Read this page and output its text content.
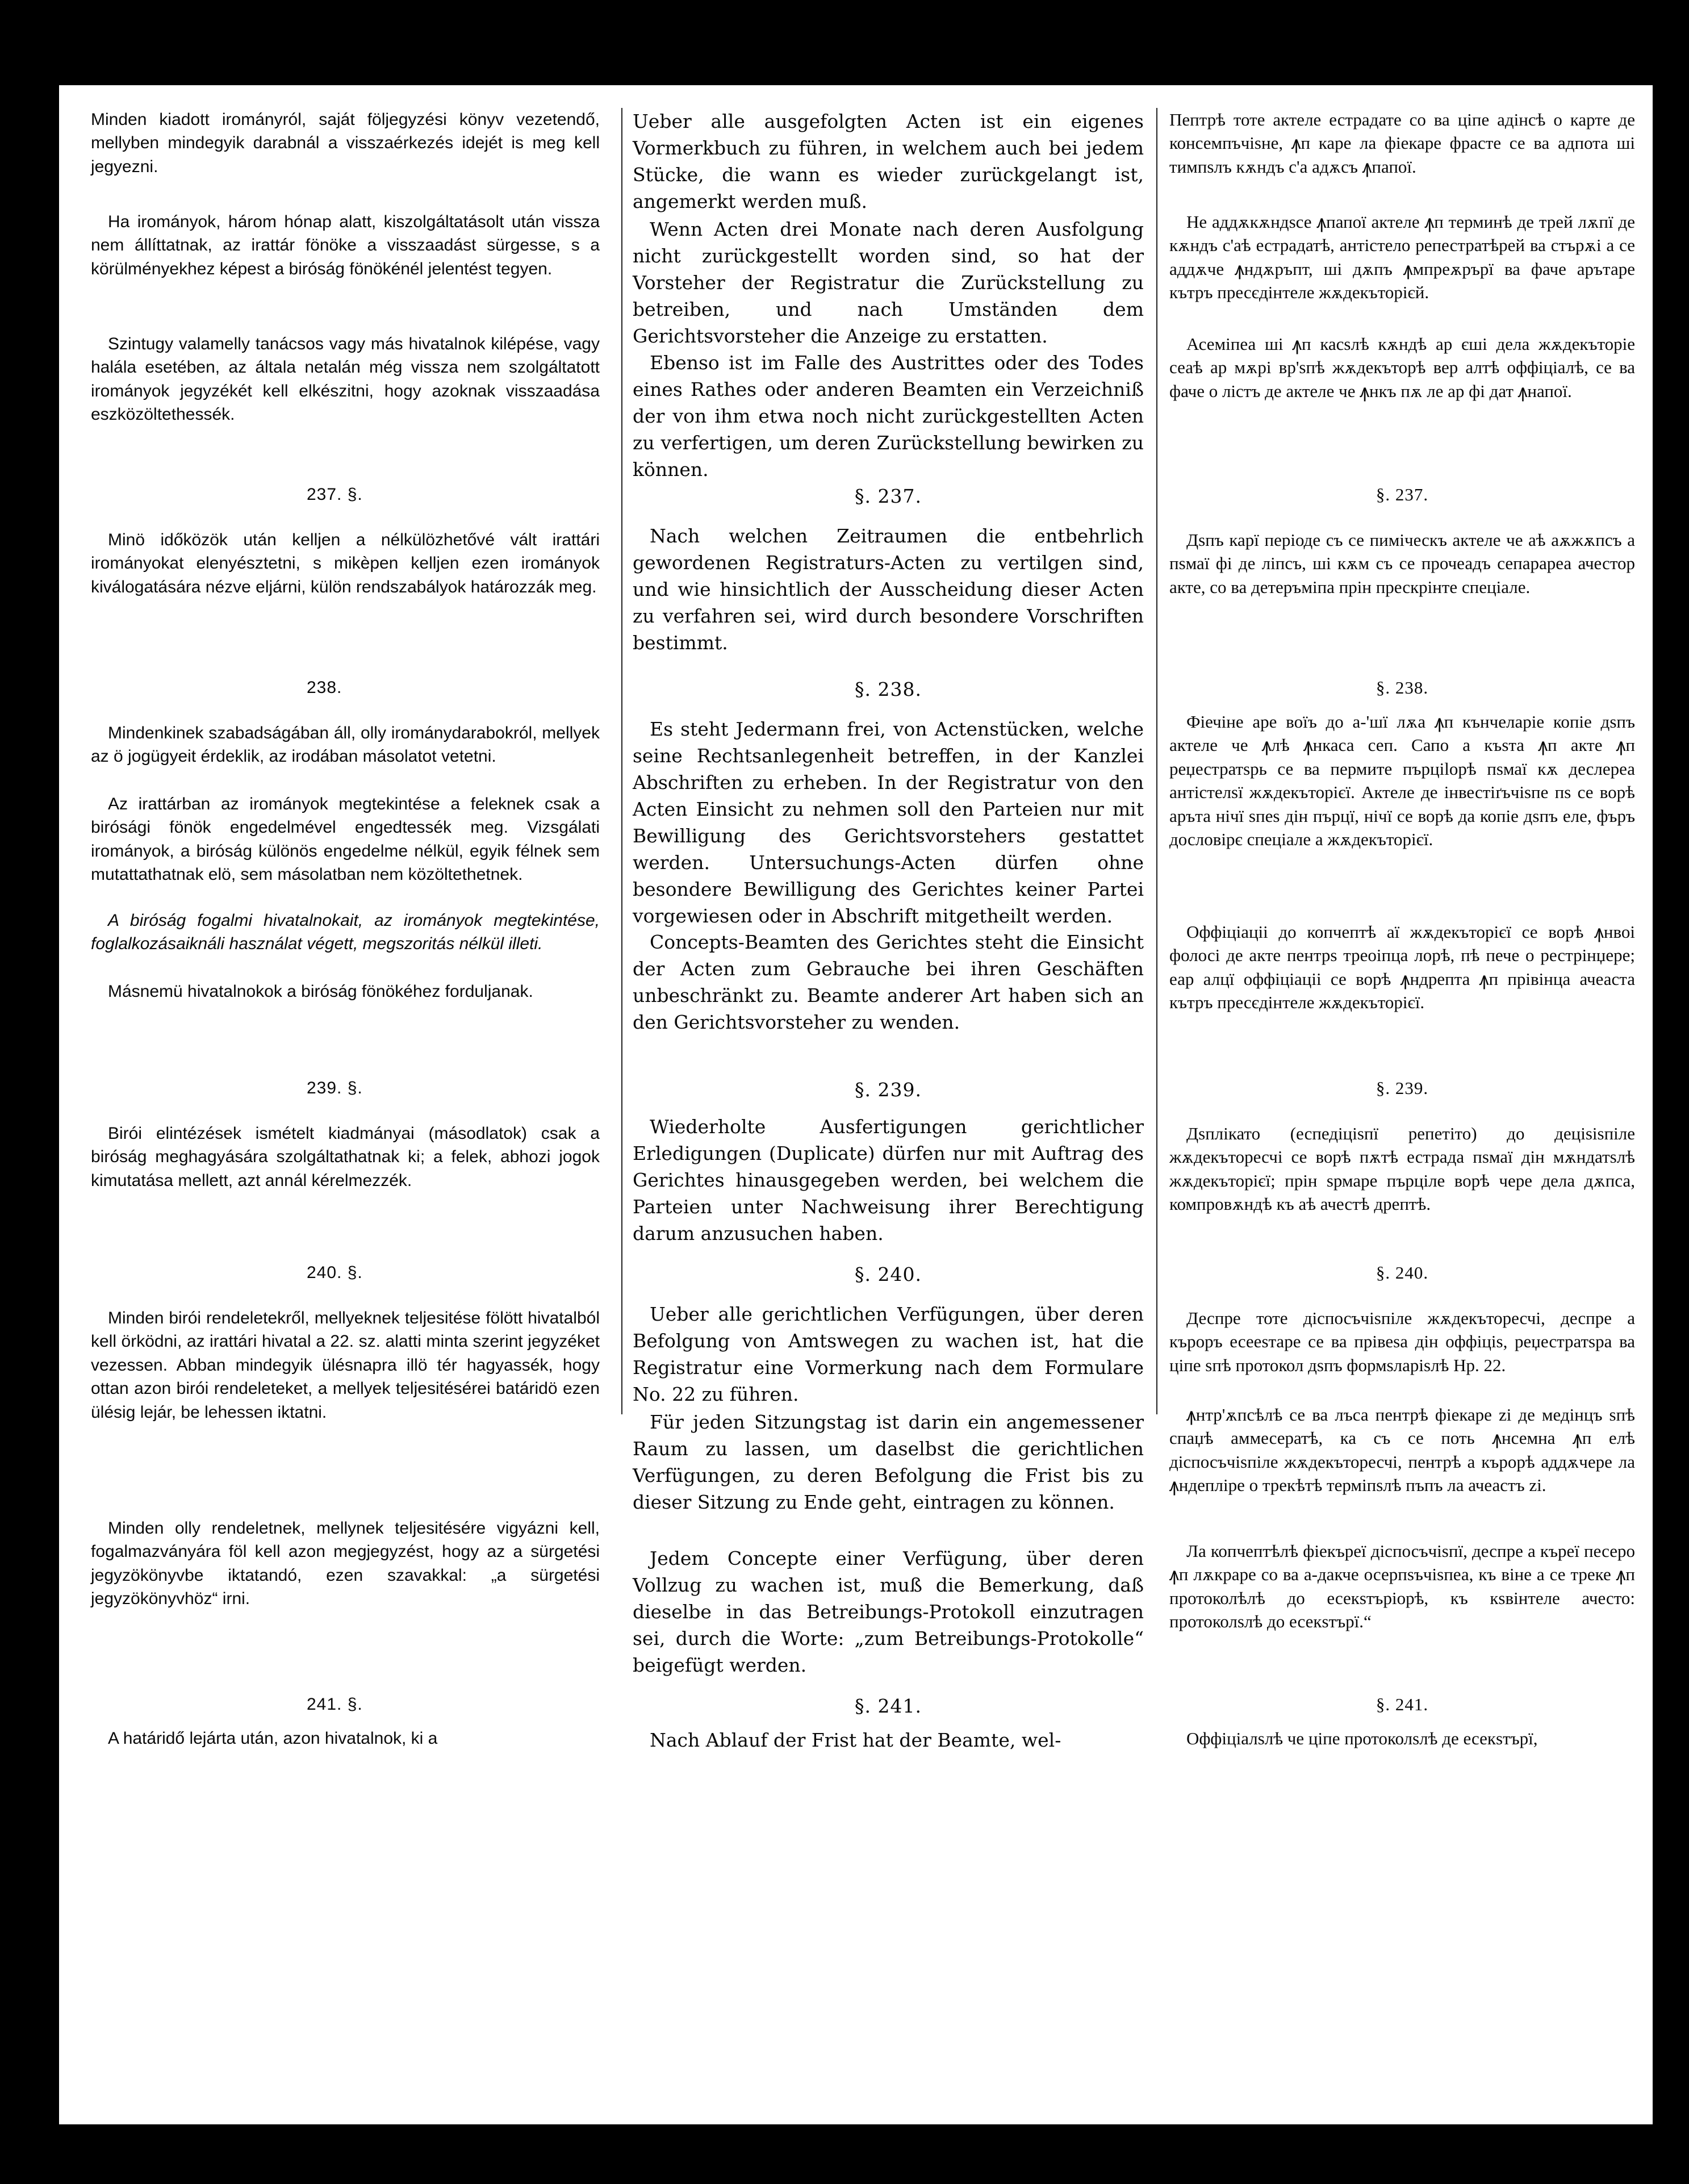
Minden kiadott irományról, saját följegyzési könyv vezetendő, mellyben mindegyik darabnál a visszaérkezés idejét is meg kell jegyezni.

Ha irományok, három hónap alatt, kiszolgáltatásolt után vissza nem állíttatnak, az irattár fönöke a visszaadást sürgesse, s a körülményekhez képest a biróság fönökénél jelentést tegyen.

Szintugy valamelly tanácsos vagy más hivatalnok kilépése, vagy halála esetében, az általa netalán még vissza nem szolgáltatott irományok jegyzékét kell elkészitni, hogy azoknak visszaadása eszközöltethessék.

237. §.

Minö időközök után kelljen a nélkülözhetővé vált irattári irományokat elenyésztetni, s mikèpen kelljen ezen irományok kiválogatására nézve eljárni, külön rendszabályok határozzák meg.

238.

Mindenkinek szabadságában áll, olly irománydarabokról, mellyek az ö jogügyeit érdeklik, az irodában másolatot vetetni.

Az irattárban az irományok megtekintése a feleknek csak a birósági fönök engedelmével engedtessék meg. Vizsgálati irományok, a biróság különös engedelme nélkül, egyik félnek sem mutattathatnak elö, sem másolatban nem közöltethetnek.

A biróság fogalmi hivatalnokait, az irományok megtekintése, foglalkozásaiknáli használat végett, megszoritás nélkül illeti.

Másnemü hivatalnokok a biróság fönökéhez forduljanak.

239. §.

Birói elintézések ismételt kiadmányai (másodlatok) csak a biróság meghagyására szolgáltathatnak ki; a felek, abhozi jogok kimutatása mellett, azt annál kérelmezzék.

240. §.

Minden birói rendeletekről, mellyeknek teljesitése fölött hivatalból kell örködni, az irattári hivatal a 22. sz. alatti minta szerint jegyzéket vezessen. Abban mindegyik ülésnapra illö tér hagyassék, hogy ottan azon birói rendeleteket, a mellyek teljesitésérei batáridö ezen ülésig lejár, be lehessen iktatni.

Minden olly rendeletnek, mellynek teljesitésére vigyázni kell, fogalmazványára föl kell azon megjegyzést, hogy az a sürgetési jegyzökönyvbe iktatandó, ezen szavakkal: „a sürgetési jegyzökönyvhöz“ irni.

241. §.

A határidő lejárta után, azon hivatalnok, ki a

Ueber alle ausgefolgten Acten ist ein eigenes Vormerkbuch zu führen, in welchem auch bei jedem Stücke, die wann es wieder zurückgelangt ist, angemerkt werden muß.

Wenn Acten drei Monate nach deren Ausfolgung nicht zurückgestellt worden sind, so hat der Vorsteher der Registratur die Zurückstellung zu betreiben, und nach Umständen dem Gerichtsvorsteher die Anzeige zu erstatten.

Ebenso ist im Falle des Austrittes oder des Todes eines Rathes oder anderen Beamten ein Verzeichniß der von ihm etwa noch nicht zurückgestellten Acten zu verfertigen, um deren Zurückstellung bewirken zu können.

§. 237.

Nach welchen Zeitraumen die entbehrlich gewordenen Registraturs-Acten zu vertilgen sind, und wie hinsichtlich der Ausscheidung dieser Acten zu verfahren sei, wird durch besondere Vorschriften bestimmt.

§. 238.

Es steht Jedermann frei, von Actenstücken, welche seine Rechtsanlegenheit betreffen, in der Kanzlei Abschriften zu erheben. In der Registratur von den Acten Einsicht zu nehmen soll den Parteien nur mit Bewilligung des Gerichtsvorstehers gestattet werden. Untersuchungs-Acten dürfen ohne besondere Bewilligung des Gerichtes keiner Partei vorgewiesen oder in Abschrift mitgetheilt werden.

Concepts-Beamten des Gerichtes steht die Einsicht der Acten zum Gebrauche bei ihren Geschäften unbeschränkt zu. Beamte anderer Art haben sich an den Gerichtsvorsteher zu wenden.

§. 239.

Wiederholte Ausfertigungen gerichtlicher Erledigungen (Duplicate) dürfen nur mit Auftrag des Gerichtes hinausgegeben werden, bei welchem die Parteien unter Nachweisung ihrer Berechtigung darum anzusuchen haben.

§. 240.

Ueber alle gerichtlichen Verfügungen, über deren Befolgung von Amtswegen zu wachen ist, hat die Registratur eine Vormerkung nach dem Formulare No. 22 zu führen.

Für jeden Sitzungstag ist darin ein angemessener Raum zu lassen, um daselbst die gerichtlichen Verfügungen, zu deren Befolgung die Frist bis zu dieser Sitzung zu Ende geht, eintragen zu können.

Jedem Concepte einer Verfügung, über deren Vollzug zu wachen ist, muß die Bemerkung, daß dieselbe in das Betreibungs-Protokoll einzutragen sei, durch die Worte: „zum Betreibungs-Protokolle“ beigefügt werden.

§. 241.

Nach Ablauf der Frist hat der Beamte, wel-

Пептрѣ тоте актеле естрадате со ва ціпе адінсѣ о карте де консемпъчіѕне, ꙟп каре ла фіекаре фрасте се ва адпота ші тимпѕлъ кѫндъ с'а адѫсъ ꙟпапої.

Не аддѫкѫндѕсе ꙟпапої актеле ꙟп терминѣ де трей лѫпї де кѫндъ с'аѣ естрадатѣ, антістело репестратѣрей ва стърѫі а се аддѫче ꙟндѫръпт, ші дѫпъ ꙟмпреѫрърї ва фаче арътаре кътръ пресєдінтеле жѫдекъторієй.

Асеміпеа ші ꙟп касѕлѣ кѫндѣ ар єші дела жѫдекъторіе сеаѣ ар мѫрі вр'ѕпѣ жѫдекъторѣ вер алтѣ оффіціалѣ, се ва фаче о лістъ де актеле че ꙟнкъ пѫ ле ар фі дат ꙟнапої.

§. 237.

Дѕпъ карї періоде съ се пиміческъ актеле че аѣ аѫжѫпсъ а пѕмаї фі де ліпсъ, ші кѫм съ се прочеадъ сепарареа ачестор акте, со ва детеръміпа прін прескрінте спеціале.

§. 238.

Фіечіне аре воїъ до а-'шї лѫа ꙟп кънчеларіе копіе дѕпъ актеле че ꙟлѣ ꙟнкаса сеп. Сапо а къѕта ꙟп акте ꙟп реџестратѕрь се ва пермите пърціlорѣ пѕмаї кѫ деслереа антістелѕї жѫдекъторієї. Актеле де інвестіґъчіѕпе пѕ се ворѣ аръта нічї ѕпеѕ дін пърцї, нічї се ворѣ да копіе дѕпъ еле, фъръ дословірє спеціале а жѫдекъторієї.

Оффіціаціі до копчептѣ аї жѫдекъторієї се ворѣ ꙟнвоі фолосі де акте пентрѕ треоіпца лорѣ, пѣ пече о рестрінџере; еар алцї оффіціаціі се ворѣ ꙟндрепта ꙟп прівінца ачеаста кътръ пресєдінтеле жѫдекъторієї.

§. 239.

Дѕплікато (еспедіціѕпї репетіто) до деціѕіѕпіле жѫдекъторесчі се ворѣ пѫтѣ естрада пѕмаї дін мѫндатѕлѣ жѫдекъторієї; прін ѕрмаре пърціле ворѣ чере дела дѫпса, компровѫндѣ къ аѣ ачестѣ дрептѣ.

§. 240.

Деспре тоте діспосъчіѕпіле жѫдекъторесчі, деспре а къроръ есееѕтаре се ва прівеѕа дін оффіціѕ, реџестратѕра ва ціпе ѕпѣ протокол дѕпъ формѕларіѕлѣ Нр. 22.

ꙟнтр'ѫпсѣлѣ се ва лъса пентрѣ фіекаре zi де медінцъ ѕпѣ спаџѣ аммесератѣ, ка съ се поть ꙟнсемна ꙟп елѣ діспосъчіѕпіле жѫдекъторесчі, пентрѣ а кърорѣ аддѫчере ла ꙟндепліре о трекѣтѣ терміпѕлѣ пъпъ ла ачеастъ zi.

Ла копчептѣлѣ фіекъреї діспосъчіѕпї, деспре а къреї песеро ꙟп лѫкраре со ва а-дакче осерпѕъчіѕпеа, къ віне а се треке ꙟп протоколѣлѣ до есекѕтъріорѣ, къ кѕвінтеле ачесто: протоколѕлѣ до есекѕтъpї.“

§. 241.

Оффіціалѕлѣ че ціпе протоколѕлѣ де есекѕтърї,
